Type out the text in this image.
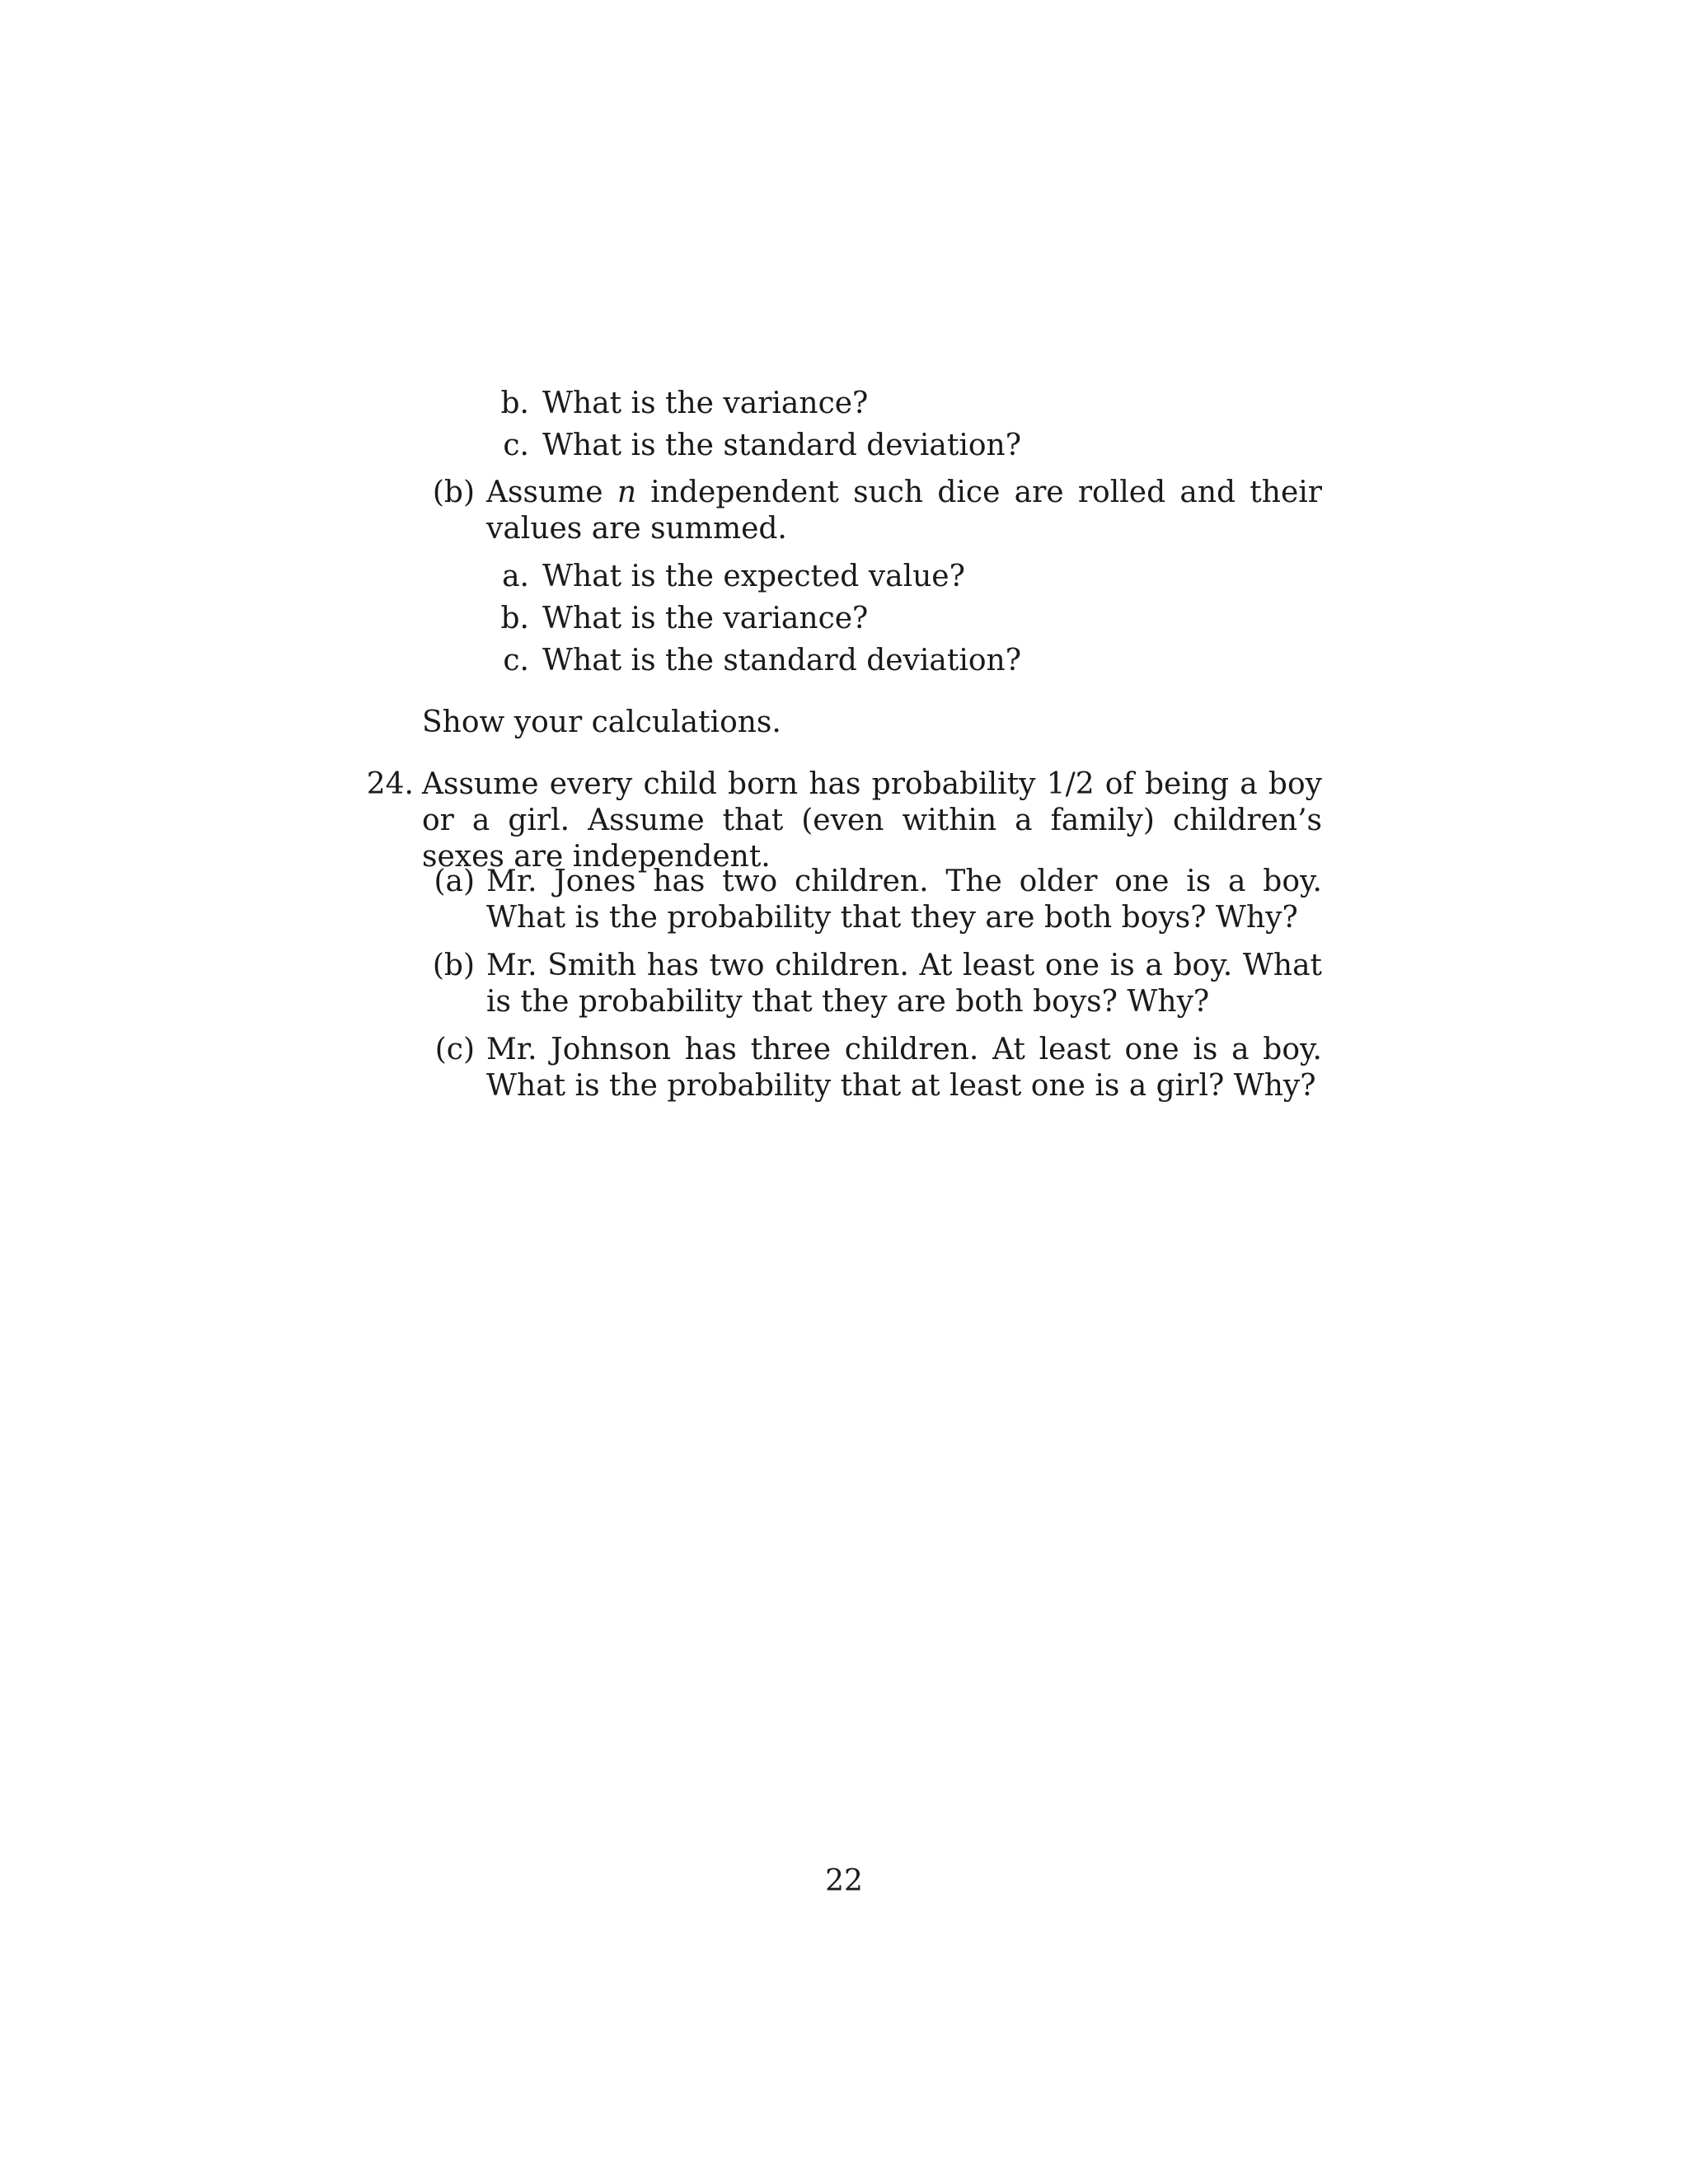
b. What is the variance?
c. What is the standard deviation?
(b) Assume n independent such dice are rolled and their values are summed.
a. What is the expected value?
b. What is the variance?
c. What is the standard deviation?
Show your calculations.
24. Assume every child born has probability 1/2 of being a boy or a girl. Assume that (even within a family) children’s sexes are independent.
(a) Mr. Jones has two children. The older one is a boy. What is the probability that they are both boys? Why?
(b) Mr. Smith has two children. At least one is a boy. What is the probability that they are both boys? Why?
(c) Mr. Johnson has three children. At least one is a boy. What is the probability that at least one is a girl? Why?
22
